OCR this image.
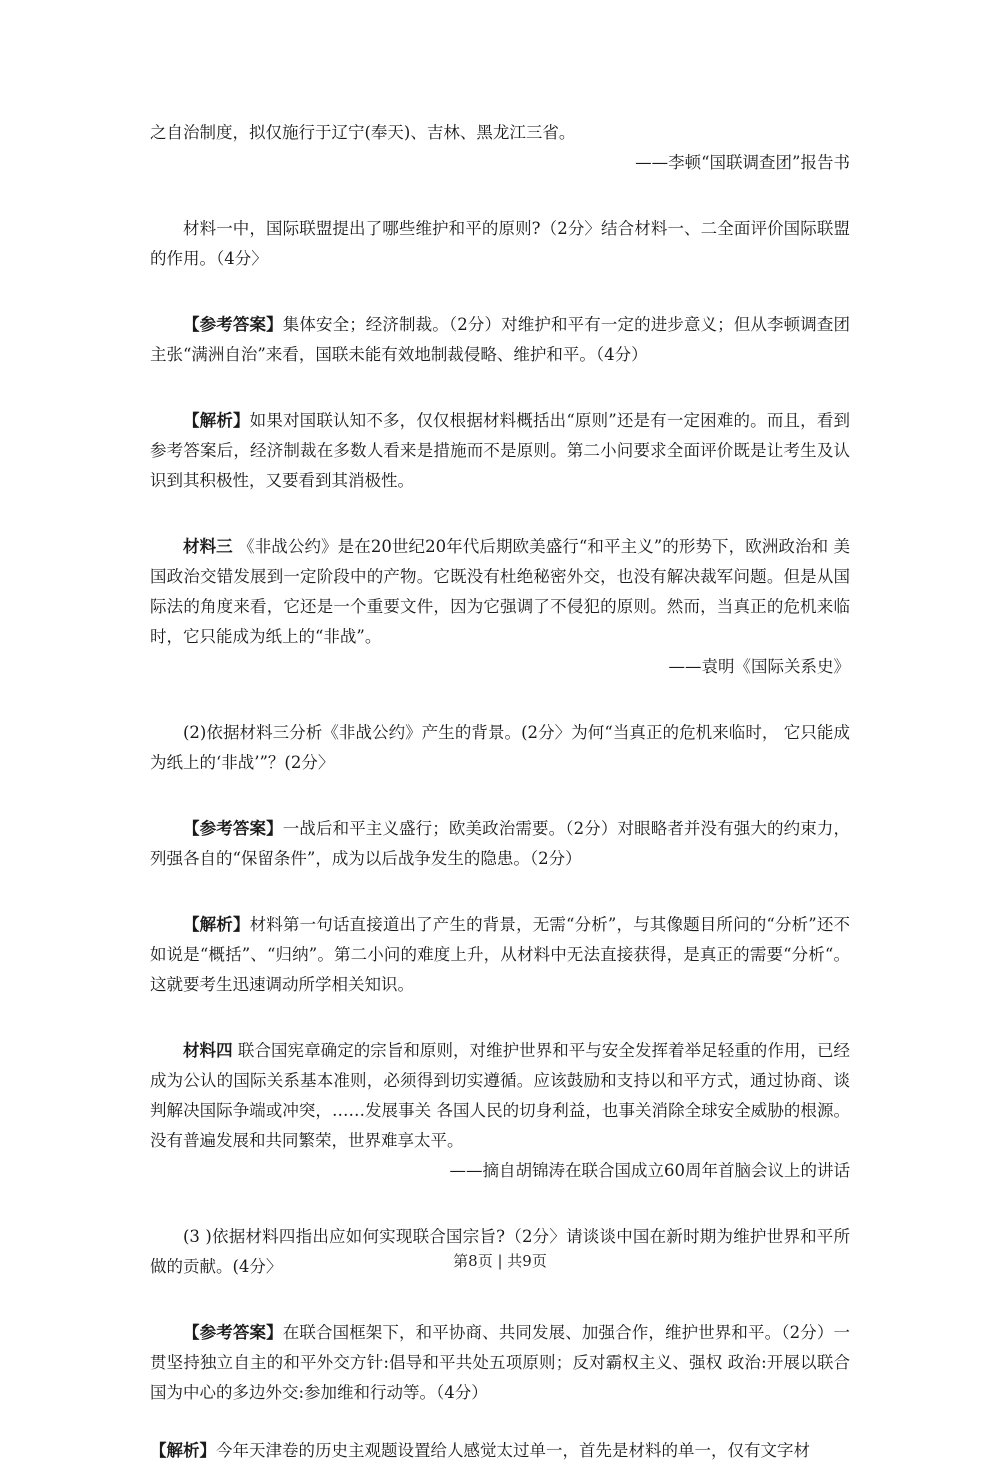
之自治制度，拟仅施行于辽宁(奉天)、吉林、黑龙江三省。

——李顿“国联调查团”报告书

材料一中，国际联盟提出了哪些维护和平的原则?（2分〉结合材料一、二全面评价国际联盟的作用。（4分〉

【参考答案】集体安全；经济制裁。（2分）对维护和平有一定的进步意义；但从李顿调查团主张“满洲自治”来看，国联未能有效地制裁侵略、维护和平。（4分）

【解析】如果对国联认知不多，仅仅根据材料概括出“原则”还是有一定困难的。而且，看到参考答案后，经济制裁在多数人看来是措施而不是原则。第二小问要求全面评价既是让考生及认识到其积极性，又要看到其消极性。

材料三 《非战公约》是在20世纪20年代后期欧美盛行“和平主义”的形势下，欧洲政治和 美国政治交错发展到一定阶段中的产物。它既没有杜绝秘密外交，也没有解决裁军问题。但是从国际法的角度来看，它还是一个重要文件，因为它强调了不侵犯的原则。然而，当真正的危机来临时，它只能成为纸上的“非战”。

——袁明《国际关系史》

(2)依据材料三分析《非战公约》产生的背景。(2分〉为何“当真正的危机来临时， 它只能成为纸上的‘非战’”？(2分〉

【参考答案】一战后和平主义盛行；欧美政治需要。（2分）对眼略者并没有强大的约束力，列强各自的“保留条件”，成为以后战争发生的隐患。（2分）

【解析】材料第一句话直接道出了产生的背景，无需“分析”，与其像题目所问的“分析”还不如说是“概括”、“归纳”。第二小问的难度上升，从材料中无法直接获得，是真正的需要“分析“。这就要考生迅速调动所学相关知识。

材料四 联合国宪章确定的宗旨和原则，对维护世界和平与安全发挥着举足轻重的作用，已经成为公认的国际关系基本准则，必须得到切实遵循。应该鼓励和支持以和平方式，通过协商、谈判解决国际争端或冲突，……发展事关 各国人民的切身利益，也事关消除全球安全威胁的根源。没有普遍发展和共同繁荣，世界难享太平。

——摘自胡锦涛在联合国成立60周年首脑会议上的讲话

(3 )依据材料四指出应如何实现联合国宗旨?（2分〉请谈谈中国在新时期为维护世界和平所做的贡献。(4分〉

【参考答案】在联合国框架下，和平协商、共同发展、加强合作，维护世界和平。（2分）一贯坚持独立自主的和平外交方针:倡导和平共处五项原则；反对霸权主义、强权 政治:开展以联合国为中心的多边外交:参加维和行动等。（4分）

【解析】今年天津卷的历史主观题设置给人感觉太过单一，首先是材料的单一，仅有文字材

第8页 | 共9页
